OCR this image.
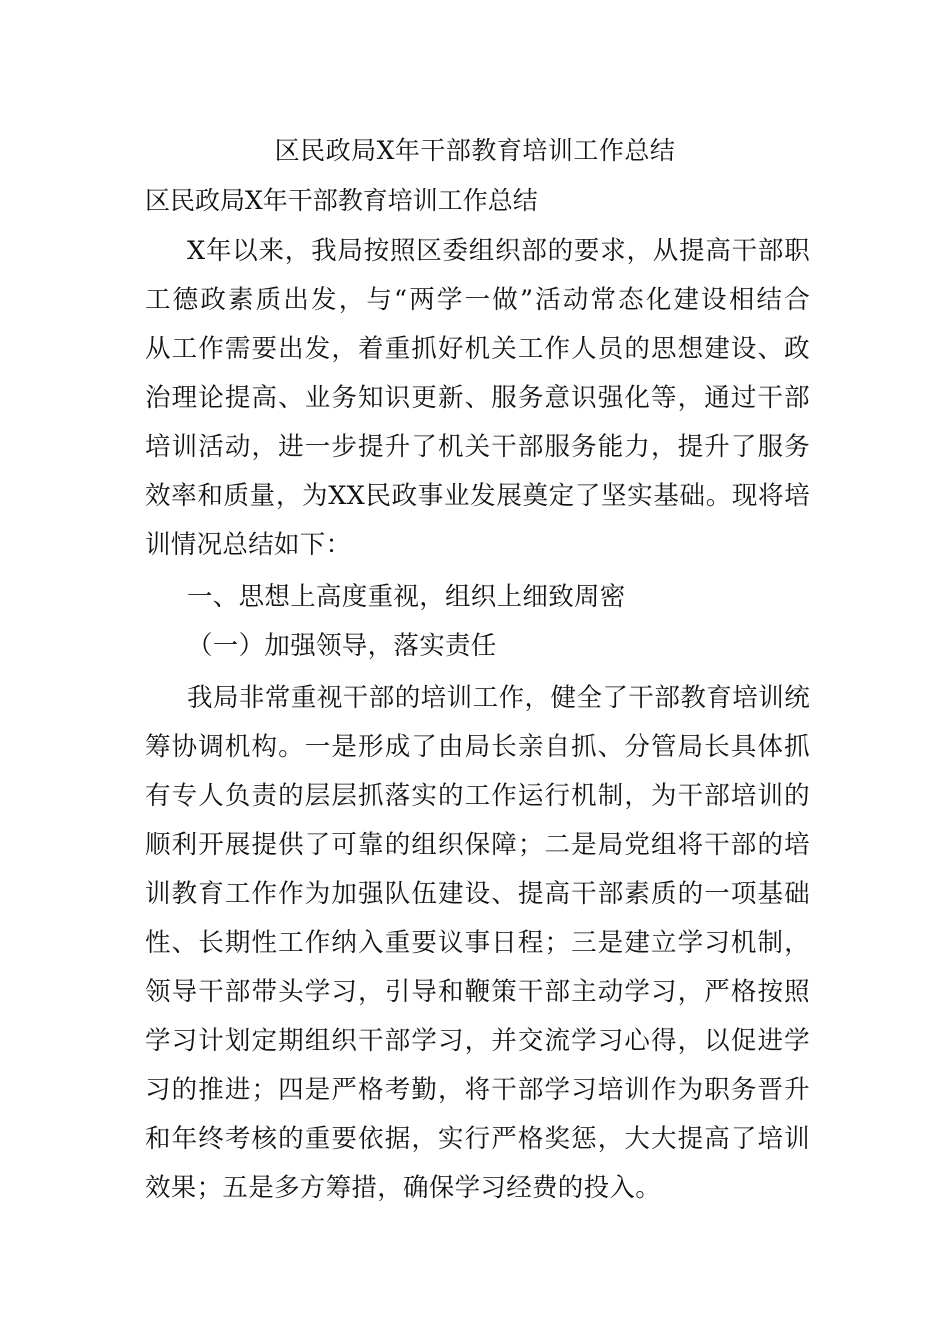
区民政局X年干部教育培训工作总结
区民政局X年干部教育培训工作总结
X年以来，我局按照区委组织部的要求，从提高干部职
工德政素质出发，与“两学一做”活动常态化建设相结合
从工作需要出发，着重抓好机关工作人员的思想建设、政
治理论提高、业务知识更新、服务意识强化等，通过干部
培训活动，进一步提升了机关干部服务能力，提升了服务
效率和质量，为XX民政事业发展奠定了坚实基础。现将培
训情况总结如下：
一、思想上高度重视，组织上细致周密
（一）加强领导，落实责任
我局非常重视干部的培训工作，健全了干部教育培训统
筹协调机构。一是形成了由局长亲自抓、分管局长具体抓
有专人负责的层层抓落实的工作运行机制，为干部培训的
顺利开展提供了可靠的组织保障；二是局党组将干部的培
训教育工作作为加强队伍建设、提高干部素质的一项基础
性、长期性工作纳入重要议事日程；三是建立学习机制，
领导干部带头学习，引导和鞭策干部主动学习，严格按照
学习计划定期组织干部学习，并交流学习心得，以促进学
习的推进；四是严格考勤，将干部学习培训作为职务晋升
和年终考核的重要依据，实行严格奖惩，大大提高了培训
效果；五是多方筹措，确保学习经费的投入。
